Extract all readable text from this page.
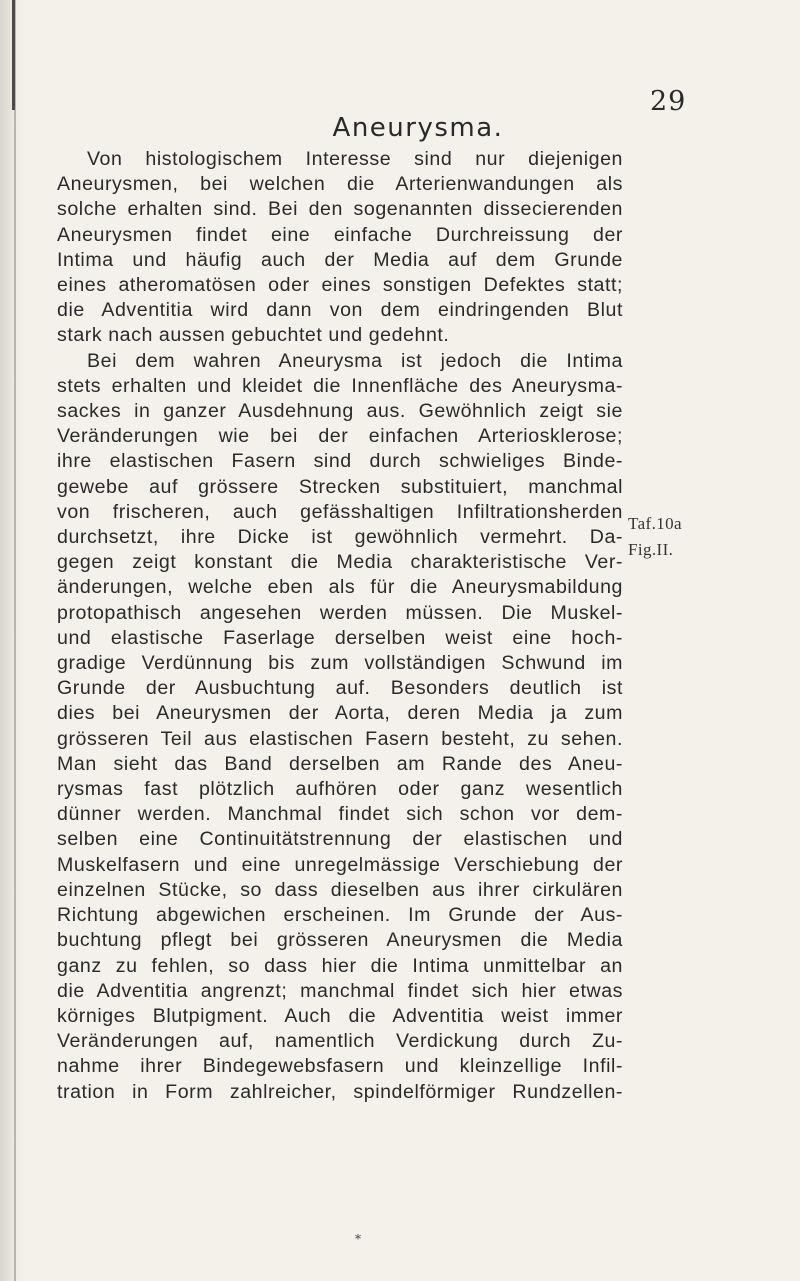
29
Aneurysma.
Von histologischem Interesse sind nur diejenigen
Aneurysmen, bei welchen die Arterienwandungen als
solche erhalten sind. Bei den sogenannten dissecierenden
Aneurysmen findet eine einfache Durchreissung der
Intima und häufig auch der Media auf dem Grunde
eines atheromatösen oder eines sonstigen Defektes statt;
die Adventitia wird dann von dem eindringenden Blut
stark nach aussen gebuchtet und gedehnt.
Bei dem wahren Aneurysma ist jedoch die Intima
stets erhalten und kleidet die Innenfläche des Aneurysma-
sackes in ganzer Ausdehnung aus. Gewöhnlich zeigt sie
Veränderungen wie bei der einfachen Arteriosklerose;
ihre elastischen Fasern sind durch schwieliges Binde-
gewebe auf grössere Strecken substituiert, manchmal
von frischeren, auch gefässhaltigen Infiltrationsherden
durchsetzt, ihre Dicke ist gewöhnlich vermehrt. Da-
gegen zeigt konstant die Media charakteristische Ver-
änderungen, welche eben als für die Aneurysmabildung
protopathisch angesehen werden müssen. Die Muskel-
und elastische Faserlage derselben weist eine hoch-
gradige Verdünnung bis zum vollständigen Schwund im
Grunde der Ausbuchtung auf. Besonders deutlich ist
dies bei Aneurysmen der Aorta, deren Media ja zum
grösseren Teil aus elastischen Fasern besteht, zu sehen.
Man sieht das Band derselben am Rande des Aneu-
rysmas fast plötzlich aufhören oder ganz wesentlich
dünner werden. Manchmal findet sich schon vor dem-
selben eine Continuitätstrennung der elastischen und
Muskelfasern und eine unregelmässige Verschiebung der
einzelnen Stücke, so dass dieselben aus ihrer cirkulären
Richtung abgewichen erscheinen. Im Grunde der Aus-
buchtung pflegt bei grösseren Aneurysmen die Media
ganz zu fehlen, so dass hier die Intima unmittelbar an
die Adventitia angrenzt; manchmal findet sich hier etwas
körniges Blutpigment. Auch die Adventitia weist immer
Veränderungen auf, namentlich Verdickung durch Zu-
nahme ihrer Bindegewebsfasern und kleinzellige Infil-
tration in Form zahlreicher, spindelförmiger Rundzellen-
Taf.10a
Fig.II.
*
